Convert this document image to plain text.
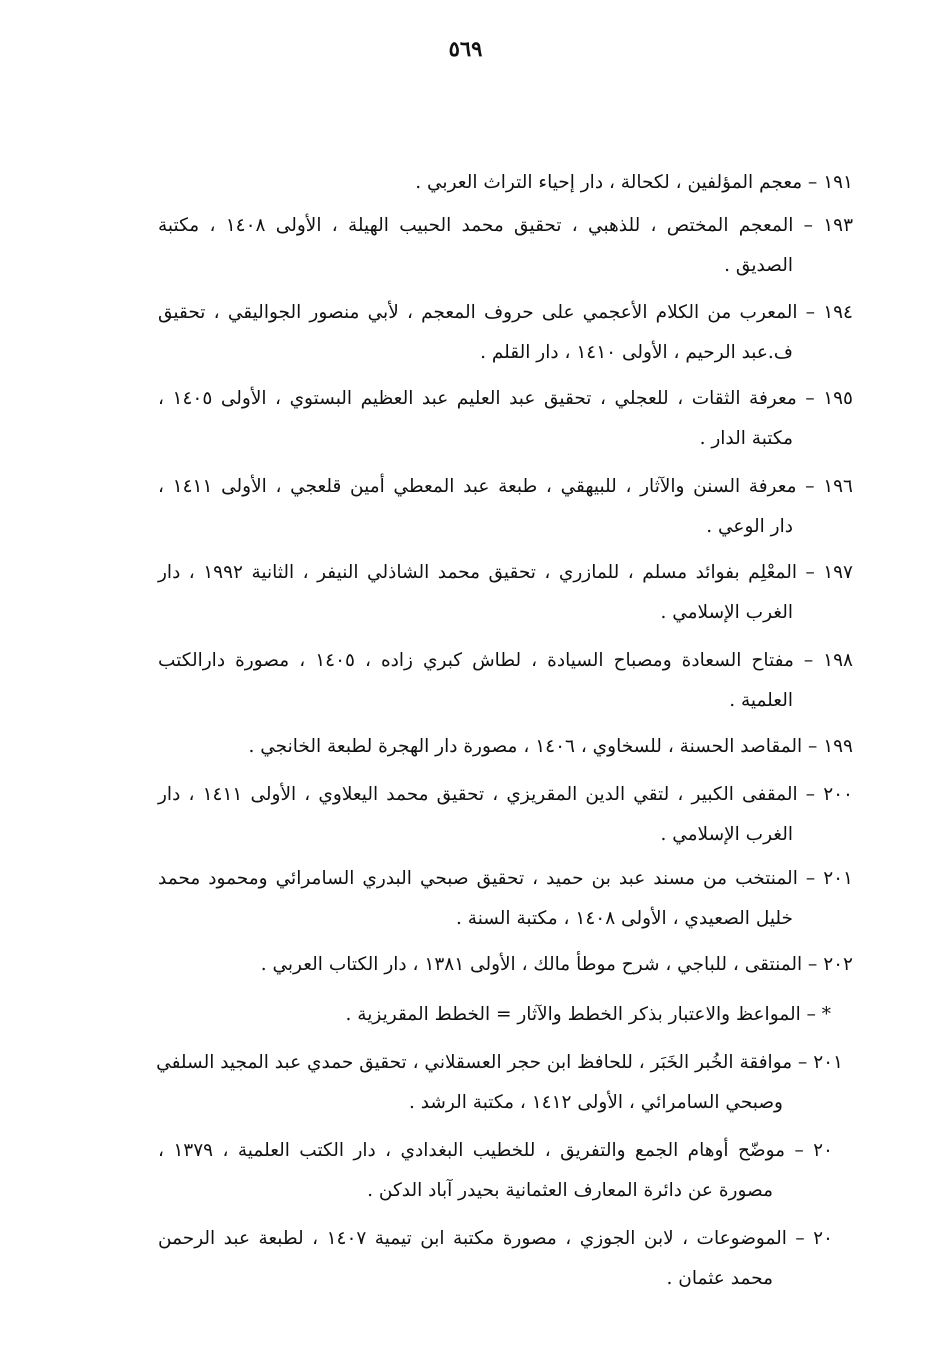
٥٦٩
١٩١ – معجم المؤلفين ، لكحالة ، دار إحياء التراث العربي .
١٩٣ – المعجم المختص ، للذهبي ، تحقيق محمد الحبيب الهيلة ، الأولى ١٤٠٨ ، مكتبة
الصديق .
١٩٤ – المعرب من الكلام الأعجمي على حروف المعجم ، لأبي منصور الجواليقي ، تحقيق
ف.عبد الرحيم ، الأولى ١٤١٠ ، دار القلم .
١٩٥ – معرفة الثقات ، للعجلي ، تحقيق عبد العليم عبد العظيم البستوي ، الأولى ١٤٠٥ ،
مكتبة الدار .
١٩٦ – معرفة السنن والآثار ، للبيهقي ، طبعة عبد المعطي أمين قلعجي ، الأولى ١٤١١ ،
دار الوعي .
١٩٧ – المعْلِم بفوائد مسلم ، للمازري ، تحقيق محمد الشاذلي النيفر ، الثانية ١٩٩٢ ، دار
الغرب الإسلامي .
١٩٨ – مفتاح السعادة ومصباح السيادة ، لطاش كبري زاده ، ١٤٠٥ ، مصورة دارالكتب
العلمية .
١٩٩ – المقاصد الحسنة ، للسخاوي ، ١٤٠٦ ، مصورة دار الهجرة لطبعة الخانجي .
٢٠٠ – المقفى الكبير ، لتقي الدين المقريزي ، تحقيق محمد اليعلاوي ، الأولى ١٤١١ ، دار
الغرب الإسلامي .
٢٠١ – المنتخب من مسند عبد بن حميد ، تحقيق صبحي البدري السامرائي ومحمود محمد
خليل الصعيدي ، الأولى ١٤٠٨ ، مكتبة السنة .
٢٠٢ – المنتقى ، للباجي ، شرح موطأ مالك ، الأولى ١٣٨١ ، دار الكتاب العربي .
* – المواعظ والاعتبار بذكر الخطط والآثار = الخطط المقريزية .
٢٠١ – موافقة الخُبر الخَبَر ، للحافظ ابن حجر العسقلاني ، تحقيق حمدي عبد المجيد السلفي
وصبحي السامرائي ، الأولى ١٤١٢ ، مكتبة الرشد .
٢٠ – موضّح أوهام الجمع والتفريق ، للخطيب البغدادي ، دار الكتب العلمية ، ١٣٧٩ ،
مصورة عن دائرة المعارف العثمانية بحيدر آباد الدكن .
٢٠ – الموضوعات ، لابن الجوزي ، مصورة مكتبة ابن تيمية ١٤٠٧ ، لطبعة عبد الرحمن
محمد عثمان .
